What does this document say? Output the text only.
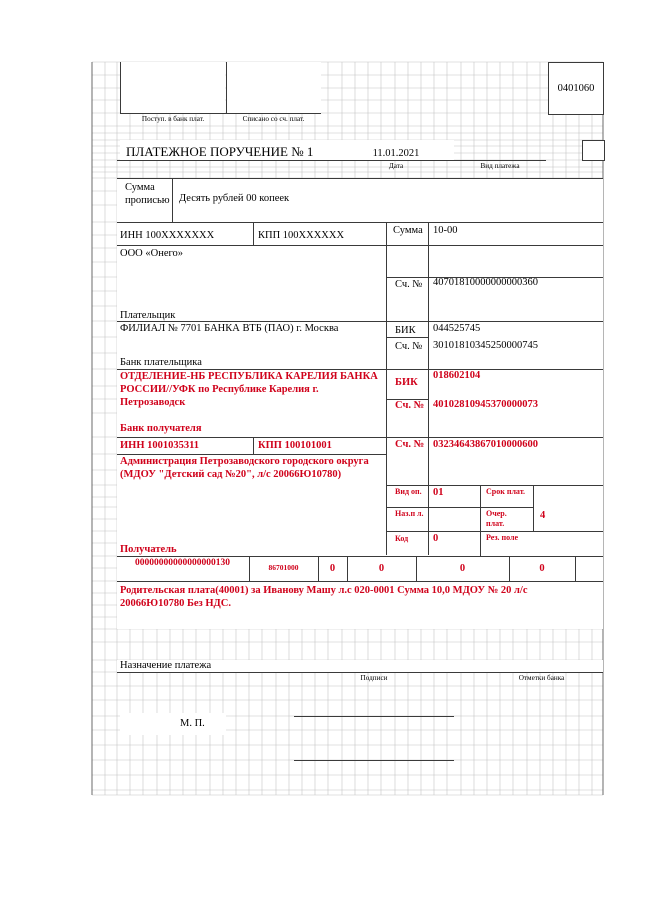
Поступ. в банк плат.	Списано со сч. плат.
0401060
ПЛАТЕЖНОЕ ПОРУЧЕНИЕ № 1	11.01.2021
Дата	Вид платежа
Сумма прописью Десять рублей 00 копеек
ИНН 100XXXXXXX	КПП 100XXXXXX	Сумма 10-00
ООО «Онего»
Сч. № 40701810000000000360
Плательщик
ФИЛИАЛ № 7701 БАНКА ВТБ (ПАО) г. Москва	БИК 044525745
Сч. № 30101810345250000745
Банк плательщика
ОТДЕЛЕНИЕ-НБ РЕСПУБЛИКА КАРЕЛИЯ БАНКА РОССИИ//УФК по Республике Карелия г. Петрозаводск
БИК
018602104
Сч. № 40102810945370000073
Банк получателя
ИНН 1001035311	КПП 100101001	Сч. № 03234643867010000600
Администрация Петрозаводского городского округа (МДОУ "Детский сад №20", л/с 20066Ю10780)
Получатель
Вид оп.	01	Срок плат.
Наз.п л.	Очер. плат.
4
Код 0	Рез. поле
00000000000000000130	86701000	0	0	0	0
Родительская плата(40001) за Иванову Машу л.с 020-0001 Сумма 10,0 МДОУ № 20 л/с 20066Ю10780 Без НДС.
Назначение платежа
Подписи	Отметки банка
М. П.
